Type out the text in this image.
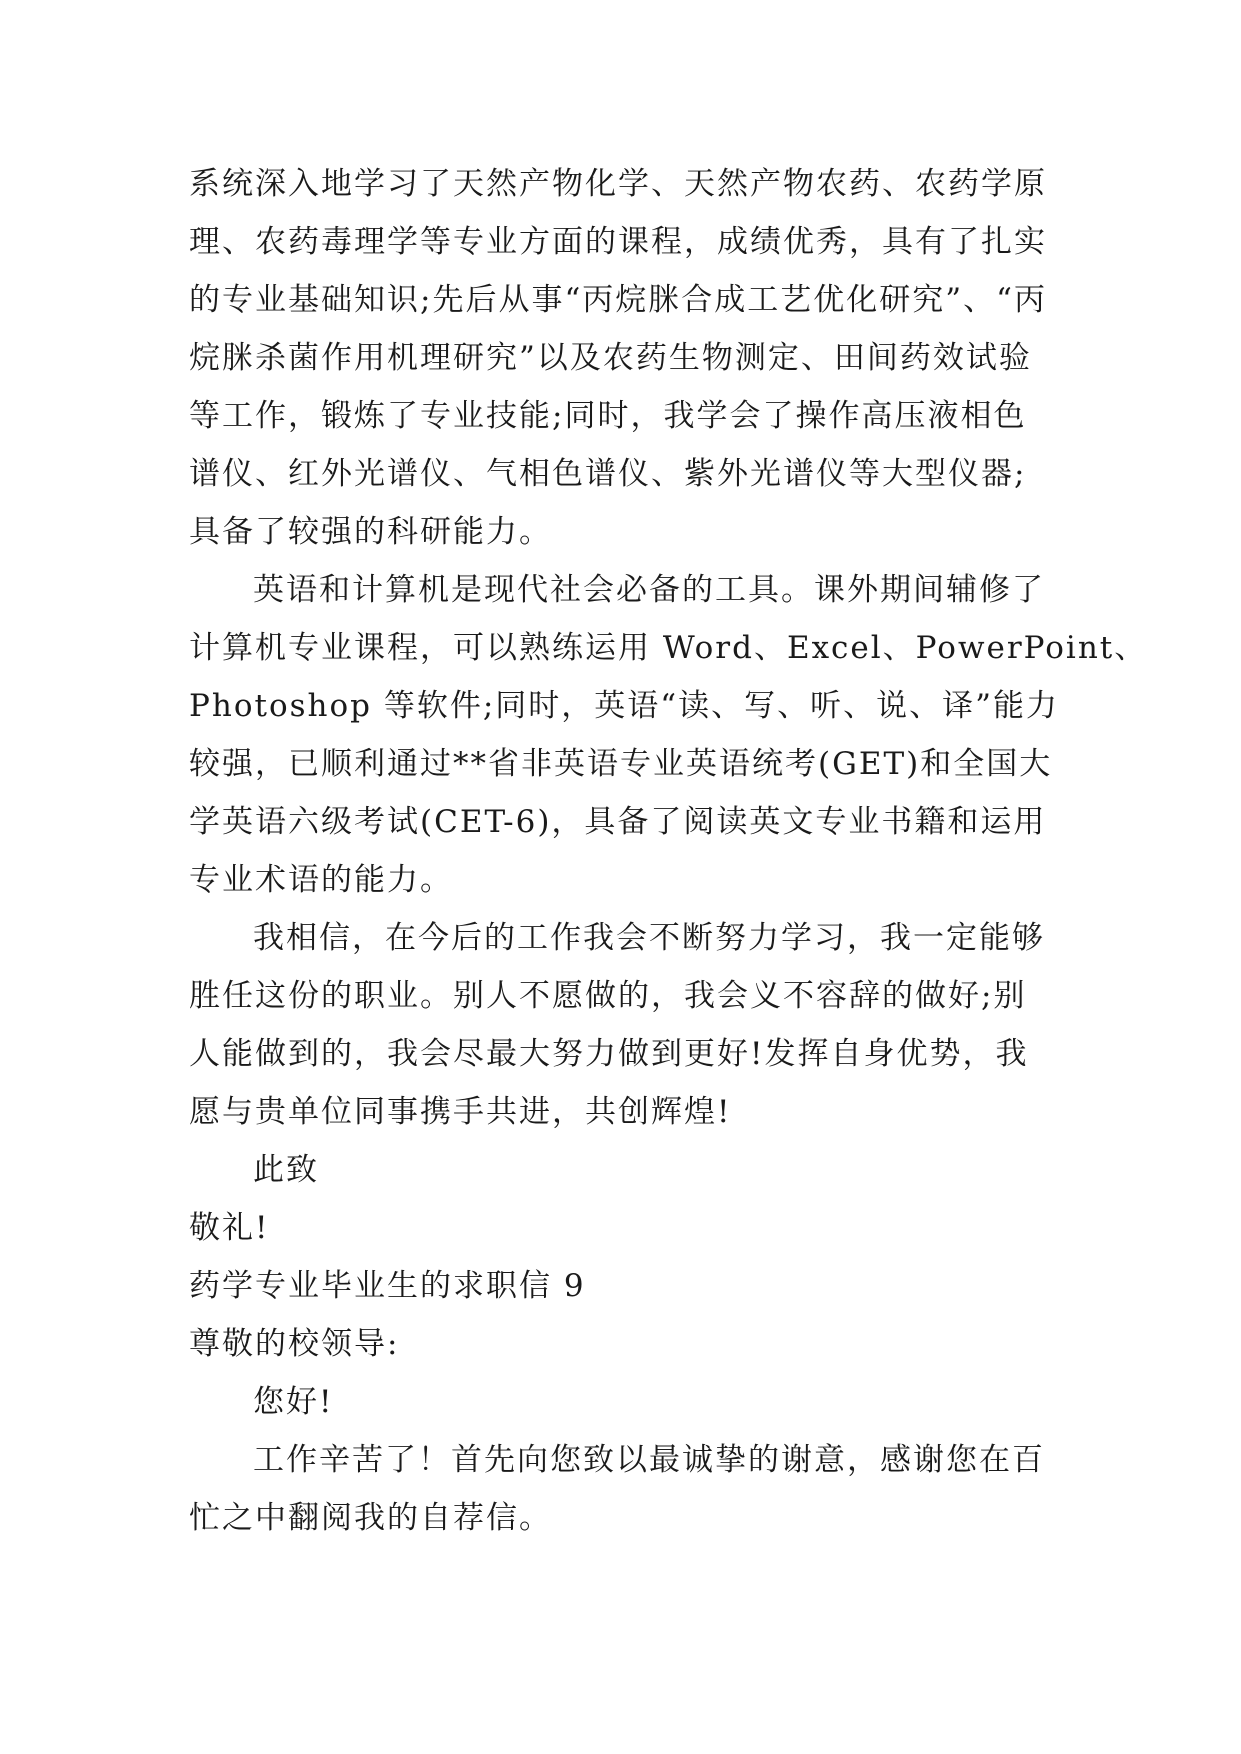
系统深入地学习了天然产物化学、天然产物农药、农药学原
理、农药毒理学等专业方面的课程，成绩优秀，具有了扎实
的专业基础知识;先后从事“丙烷脒合成工艺优化研究”、“丙
烷脒杀菌作用机理研究”以及农药生物测定、田间药效试验
等工作，锻炼了专业技能;同时，我学会了操作高压液相色
谱仪、红外光谱仪、气相色谱仪、紫外光谱仪等大型仪器;
具备了较强的科研能力。

英语和计算机是现代社会必备的工具。课外期间辅修了
计算机专业课程，可以熟练运用 Word、Excel、PowerPoint、
Photoshop 等软件;同时，英语“读、写、听、说、译”能力
较强，已顺利通过**省非英语专业英语统考(GET)和全国大
学英语六级考试(CET-6)，具备了阅读英文专业书籍和运用
专业术语的能力。

我相信，在今后的工作我会不断努力学习，我一定能够
胜任这份的职业。别人不愿做的，我会义不容辞的做好;别
人能做到的，我会尽最大努力做到更好!发挥自身优势，我
愿与贵单位同事携手共进，共创辉煌!

此致

敬礼!

药学专业毕业生的求职信 9

尊敬的校领导:

您好!

工作辛苦了！首先向您致以最诚挚的谢意，感谢您在百
忙之中翻阅我的自荐信。
